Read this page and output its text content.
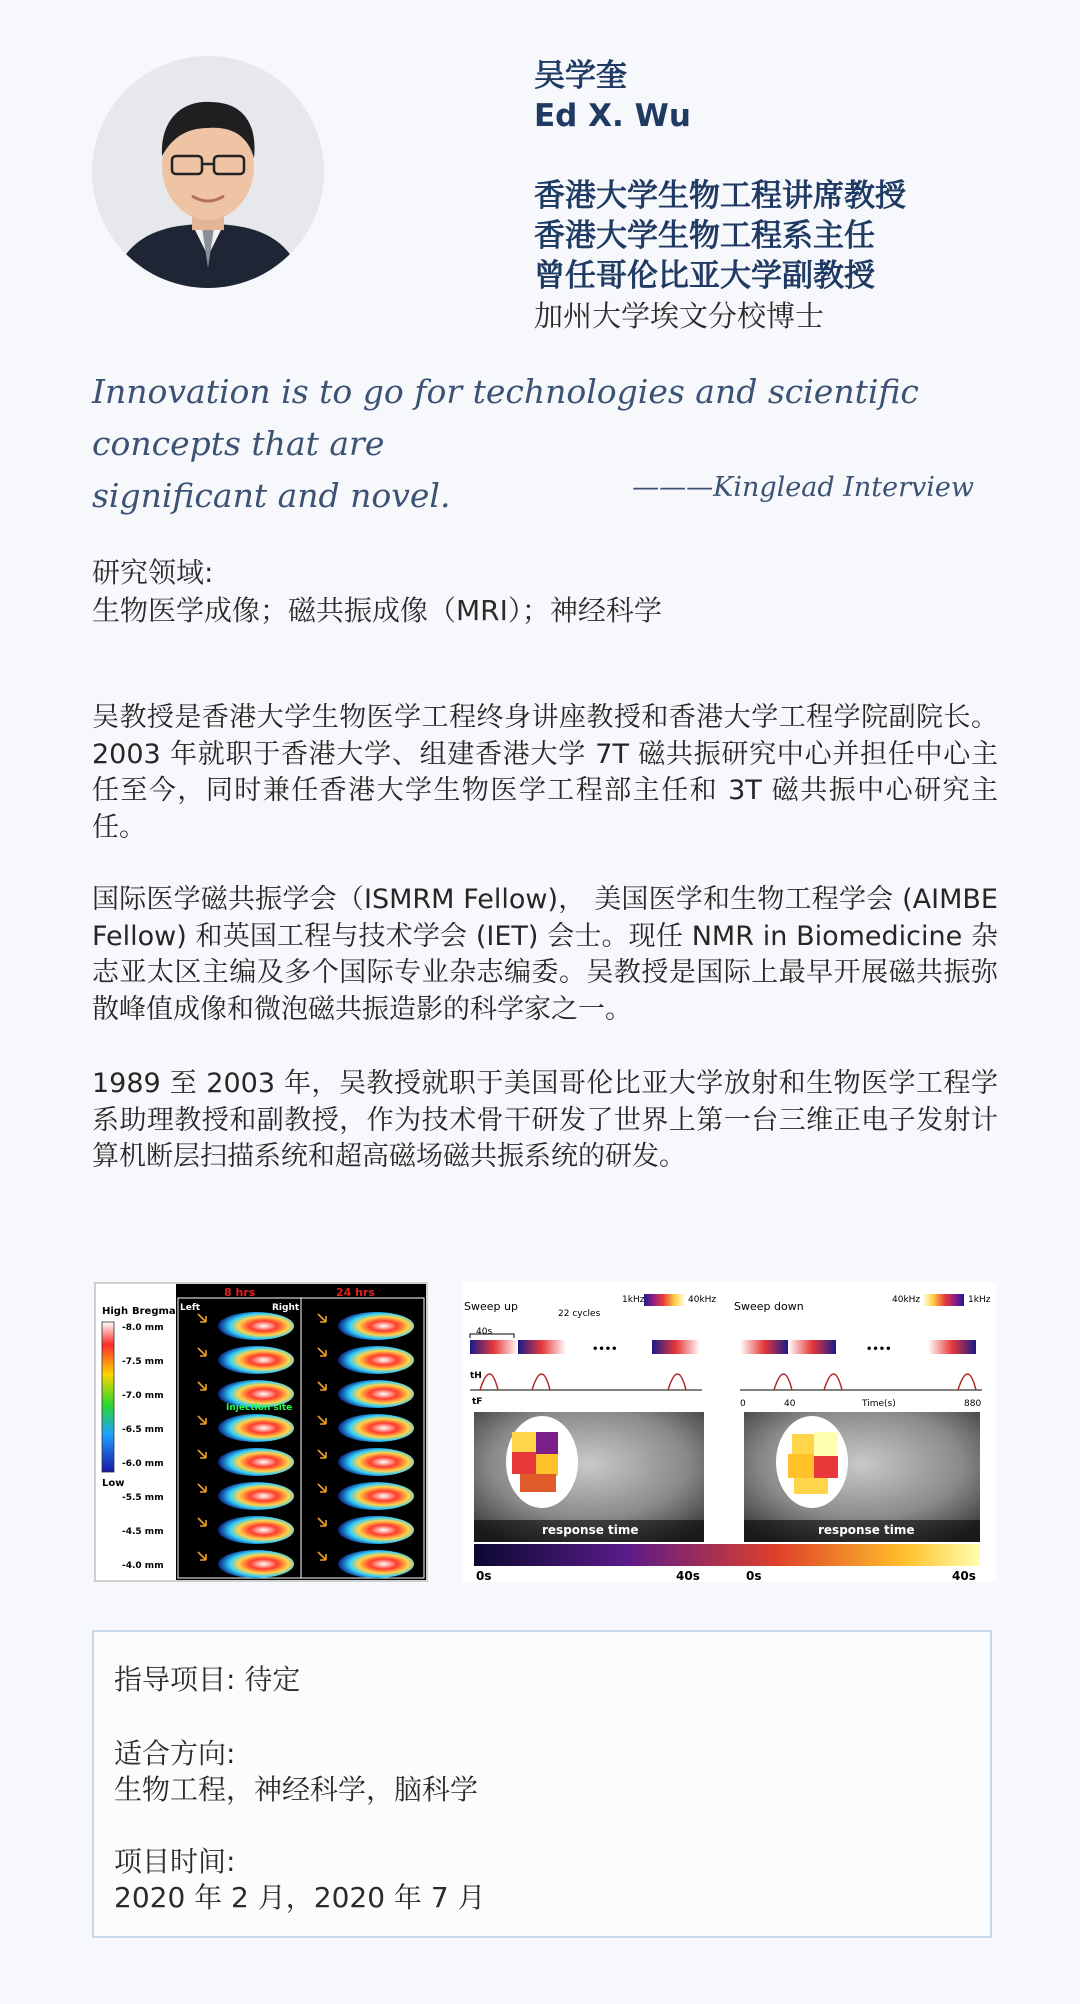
吴学奎
Ed X. Wu
香港大学生物工程讲席教授
香港大学生物工程系主任
曾任哥伦比亚大学副教授
加州大学埃文分校博士
Innovation is to go for technologies and scientific concepts that are
significant and novel.	———Kinglead Interview
研究领域:
生物医学成像；磁共振成像（MRI）；神经科学
吴教授是香港大学生物医学工程终身讲座教授和香港大学工程学院副院长。2003 年就职于香港大学、组建香港大学 7T 磁共振研究中心并担任中心主任至今，同时兼任香港大学生物医学工程部主任和 3T 磁共振中心研究主任。
国际医学磁共振学会（ISMRM Fellow)， 美国医学和生物工程学会 (AIMBE Fellow) 和英国工程与技术学会 (IET) 会士。现任 NMR in Biomedicine 杂志亚太区主编及多个国际专业杂志编委。吴教授是国际上最早开展磁共振弥散峰值成像和微泡磁共振造影的科学家之一。
1989 至 2003 年，吴教授就职于美国哥伦比亚大学放射和生物医学工程学系助理教授和副教授，作为技术骨干研发了世界上第一台三维正电子发射计算机断层扫描系统和超高磁场磁共振系统的研发。
High Bregma
Low
-8.0 mm
-7.5 mm
-7.0 mm
-6.5 mm
-6.0 mm
-5.5 mm
-4.5 mm
-4.0 mm
8 hrs	24 hrs
Left	Right
Injection site
Sweep up	1kHz	40kHz
22 cycles
40s
••••
tH
tF
response time
Sweep down	40kHz	1kHz
••••
0	40	Time(s)	880
response time
0s	40s	0s	40s
指导项目: 待定
适合方向:
生物工程，神经科学，脑科学
项目时间:
2020 年 2 月，2020 年 7 月
